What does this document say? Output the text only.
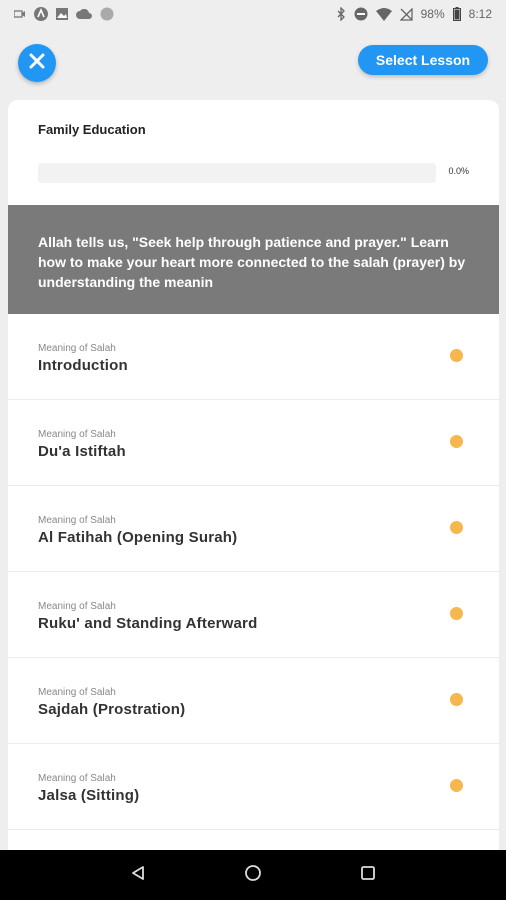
98% 8:12
Select Lesson
Family Education
0.0%
Allah tells us, "Seek help through patience and prayer." Learn how to make your heart more connected to the salah (prayer) by understanding the meanin
Meaning of Salah
Introduction
Meaning of Salah
Du'a Istiftah
Meaning of Salah
Al Fatihah (Opening Surah)
Meaning of Salah
Ruku' and Standing Afterward
Meaning of Salah
Sajdah (Prostration)
Meaning of Salah
Jalsa (Sitting)
